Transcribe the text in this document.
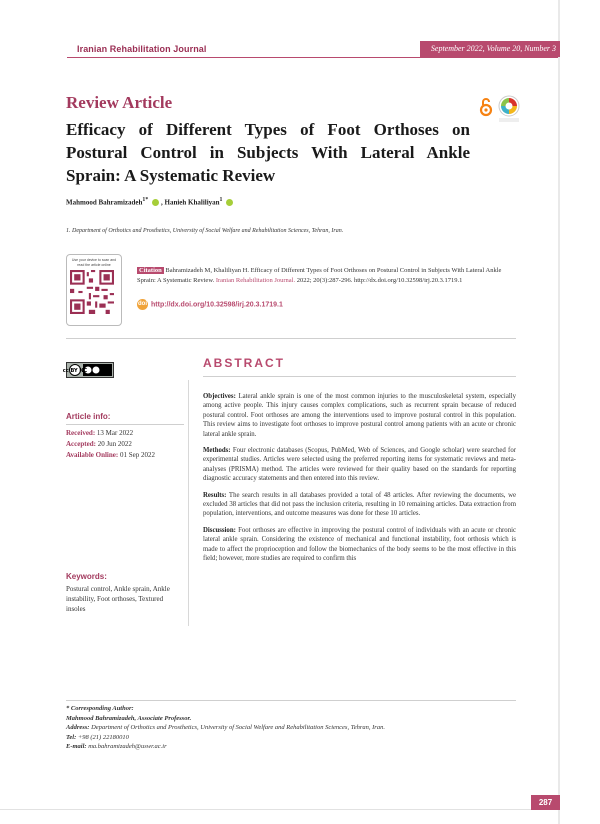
Iranian Rehabilitation Journal	September 2022, Volume 20, Number 3
Review Article
Efficacy of Different Types of Foot Orthoses on Postural Control in Subjects With Lateral Ankle Sprain: A Systematic Review
Mahmood Bahramizadeh$^{1*}$ , Hanieh Khaliliyan$^1$
1. Department of Orthotics and Prosthetics, University of Social Welfare and Rehabilitation Sciences, Tehran, Iran.
Use your device to scan and read the article online
Citation Bahramizadeh M, Khaliliyan H. Efficacy of Different Types of Foot Orthoses on Postural Control in Subjects With Lateral Ankle Sprain: A Systematic Review. Iranian Rehabilitation Journal. 2022; 20(3):287-296. http://dx.doi.org/10.32598/irj.20.3.1719.1
doi http://dx.doi.org/10.32598/irj.20.3.1719.1
cc BY NC
ABSTRACT
Article info:
Received: 13 Mar 2022
Accepted: 20 Jun 2022
Available Online: 01 Sep 2022
Keywords:
Postural control, Ankle sprain, Ankle instability, Foot orthoses, Textured insoles

Objectives: Lateral ankle sprain is one of the most common injuries to the musculoskeletal system, especially among active people. This injury causes complex complications, such as recurrent sprain because of reduced postural control. Foot orthoses are among the interventions used to improve postural control in this population. This review aims to investigate foot orthoses to improve postural control among patients with an acute or chronic lateral ankle sprain.

Methods: Four electronic databases (Scopus, PubMed, Web of Sciences, and Google scholar) were searched for experimental studies. Articles were selected using the preferred reporting items for systematic reviews and meta-analyses (PRISMA) method. The articles were reviewed for their quality based on the standards for reporting diagnostic accuracy statements and then entered into this review.

Results: The search results in all databases provided a total of 48 articles. After reviewing the documents, we excluded 38 articles that did not pass the inclusion criteria, resulting in 10 remaining articles. Data extraction from population, interventions, and outcome measures was done for these 10 articles.

Discussion: Foot orthoses are effective in improving the postural control of individuals with an acute or chronic lateral ankle sprain. Considering the existence of mechanical and functional instability, foot orthosis which is made to affect the proprioception and follow the biomechanics of the body seems to be the most effective in this field; however, more studies are required to confirm this

* Corresponding Author:
Mahmood Bahramizadeh, Associate Professor.
Address: Department of Orthotics and Prosthetics, University of Social Welfare and Rehabilitation Sciences, Tehran, Iran.
Tel: +98 (21) 22180010
E-mail: ma.bahramizadeh@uswr.ac.ir
287
